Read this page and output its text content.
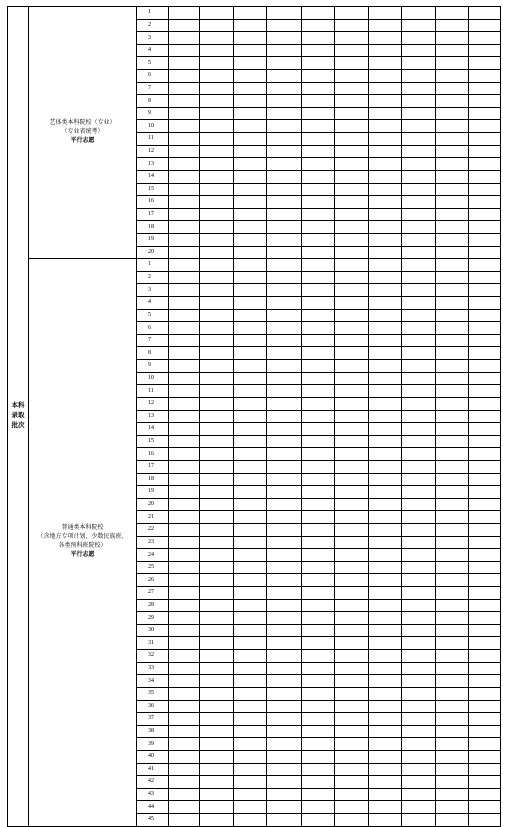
本科
录取
批次	艺体类本科院校（专业）
（专业省统考）
平行志愿	1										
		2										
		3										
		4										
		5										
		6										
		7										
		8										
		9										
		10										
		11										
		12										
		13										
		14										
		15										
		16										
		17										
		18										
		19										
		20										

	普通类本科院校
（含地方专项计划、少数民族班、
各类预科班院校）
平行志愿	1										
		2										
		3										
		4										
		5										
		6										
		7										
		8										
		9										
		10										
		11										
		12										
		13										
		14										
		15										
		16										
		17										
		18										
		19										
		20										
		21										
		22										
		23										
		24										
		25										
		26										
		27										
		28										
		29										
		30										
		31										
		32										
		33										
		34										
		35										
		36										
		37										
		38										
		39										
		40										
		41										
		42										
		43										
		44										
		45										
